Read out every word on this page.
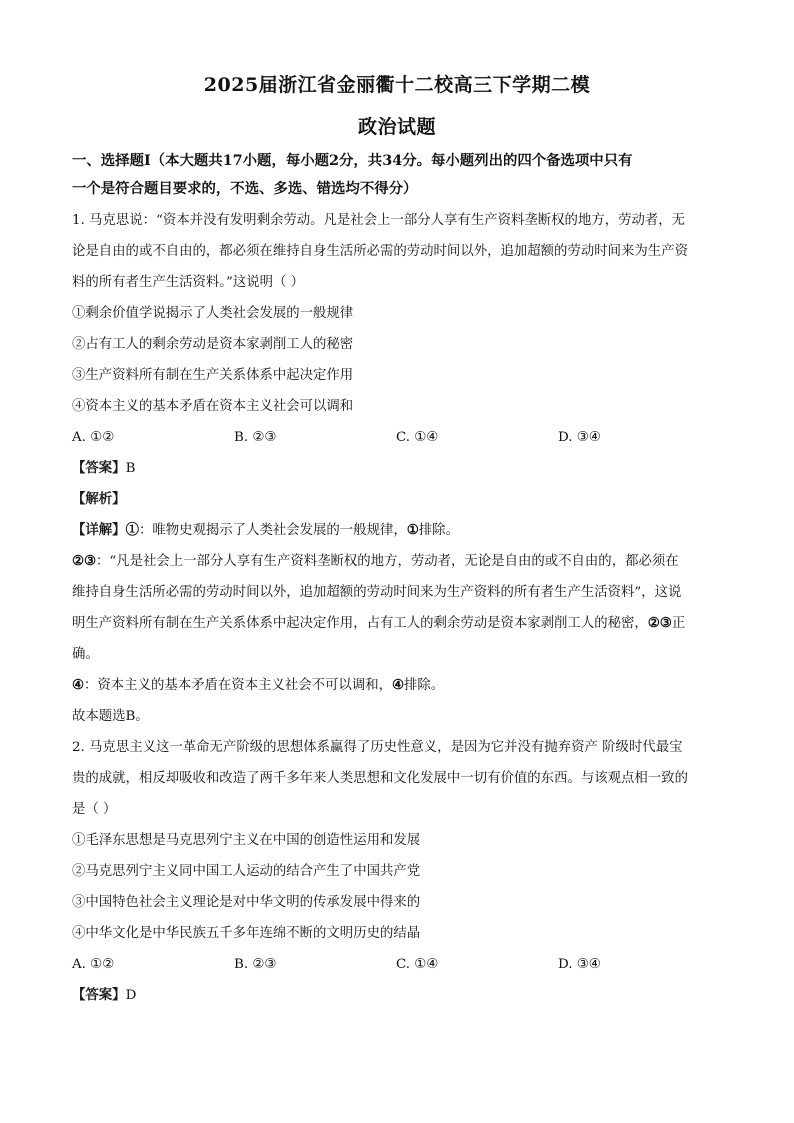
2025届浙江省金丽衢十二校高三下学期二模
政治试题
一、选择题Ⅰ（本大题共17小题，每小题2分，共34分。每小题列出的四个备选项中只有
一个是符合题目要求的，不选、多选、错选均不得分）

1. 马克思说：“资本并没有发明剩余劳动。凡是社会上一部分人享有生产资料垄断权的地方，劳动者，无

论是自由的或不自由的，都必须在维持自身生活所必需的劳动时间以外，追加超额的劳动时间来为生产资

料的所有者生产生活资料。”这说明（ ）

①剩余价值学说揭示了人类社会发展的一般规律

②占有工人的剩余劳动是资本家剥削工人的秘密

③生产资料所有制在生产关系体系中起决定作用

④资本主义的基本矛盾在资本主义社会可以调和

A. ①②	B. ②③	C. ①④	D. ③④

【答案】B

【解析】

【详解】①：唯物史观揭示了人类社会发展的一般规律，①排除。

②③：“凡是社会上一部分人享有生产资料垄断权的地方，劳动者，无论是自由的或不自由的，都必须在

维持自身生活所必需的劳动时间以外，追加超额的劳动时间来为生产资料的所有者生产生活资料”，这说

明生产资料所有制在生产关系体系中起决定作用，占有工人的剩余劳动是资本家剥削工人的秘密，②③正

确。

④：资本主义的基本矛盾在资本主义社会不可以调和，④排除。

故本题选B。

2. 马克思主义这一革命无产阶级的思想体系赢得了历史性意义，是因为它并没有抛弃资产 阶级时代最宝

贵的成就，相反却吸收和改造了两千多年来人类思想和文化发展中一切有价值的东西。与该观点相一致的

是（ ）

①毛泽东思想是马克思列宁主义在中国的创造性运用和发展

②马克思列宁主义同中国工人运动的结合产生了中国共产党

③中国特色社会主义理论是对中华文明的传承发展中得来的

④中华文化是中华民族五千多年连绵不断的文明历史的结晶

A. ①②	B. ②③	C. ①④	D. ③④

【答案】D
